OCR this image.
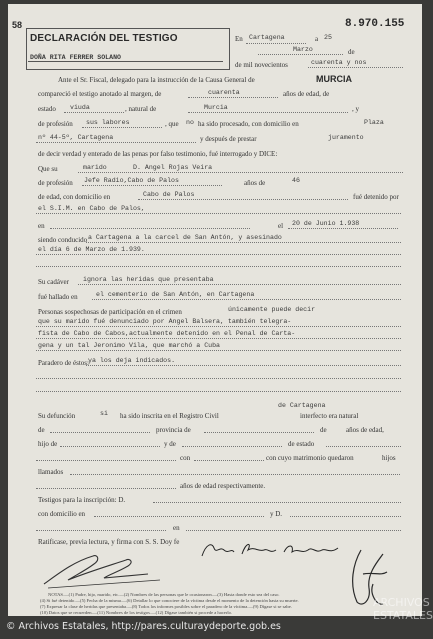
58
DECLARACIÓN DEL TESTIGO
DOÑA RITA FERRER SOLANO
8.970.155
En Cartagena	a 25
Marzo	de
de mil novecientos	cuarenta y nos
Ante el Sr. Fiscal, delegado para la instrucción de la Causa General de	MURCIA
compareció el testigo anotado al margen, de	cuarenta	años de edad, de
estado viuda	, natural de	Murcia	, y
de profesión sus labores	, que no ha sido procesado, con domicilio en	Plaza
nº 44-5º, Cartagena	y después de prestar	juramento
de decir verdad y enterado de las penas por falso testimonio, fué interrogado y DICE:
Que su	marido	D. Angel Rojas Veira
de profesión Jefe Radio,Cabo de Palos	años de	46
de edad, con domicilio en	Cabo de Palos	fué detenido por
el S.I.M. en Cabo de Palos,
en	el 20 de Junio 1.938
siendo conducido a Cartagena a la carcel de San Antón, y asesinado
el día 6 de Marzo de 1.939.
Su cadáver ignora las heridas que presentaba
fué hallado en	el cementerio de San Antón, en Cartagena
Personas sospechosas de participación en el crimen	únicamente puede decir
que su marido fué denunciado por Angel Balsera, también telegra-
fista de Cabo de Cabos,actualmente detenido en el Penal de Carta-
gena y un tal Jeronimo Vila, que marchó a Cuba
Paradero de éstos: ya los deja indicados.
de Cartagena
Su defunción	si ha sido inscrita en el Registro Civil	interfecto era natural
de	provincia de	de	años de edad,
hijo de	y de	de estado
con	con cuyo matrimonio quedaron	hijos
llamados
años de edad respectivamente.
Testigos para la inscripción: D.
con domicilio en	y D.
en
Ratificase, previa lectura, y firma con S. S. Doy fe
NOTAS.—(1) Padre, hijo, marido, etc.—(2) Nombres de las personas que le ocasionaron.—(3) Hasta donde esto sea del caso.
(4) Si fué detenido.—(5) Fecha de la misma.—(6) Detallar lo que conociere de la víctima desde el momento de la detención hasta su muerte.
(7) Expresar la clase de heridas que presentaba.—(8) Todos los informes posibles sobre el paradero de la víctima.—(9) Dígase si se sabe.
(10) Datos que se recuerden.—(11) Nombres de los testigos.—(12) Dígase también si procede a hacerlo.
ARCHIVOS ESTATALES
© Archivos Estatales, http://pares.culturaydeporte.gob.es
